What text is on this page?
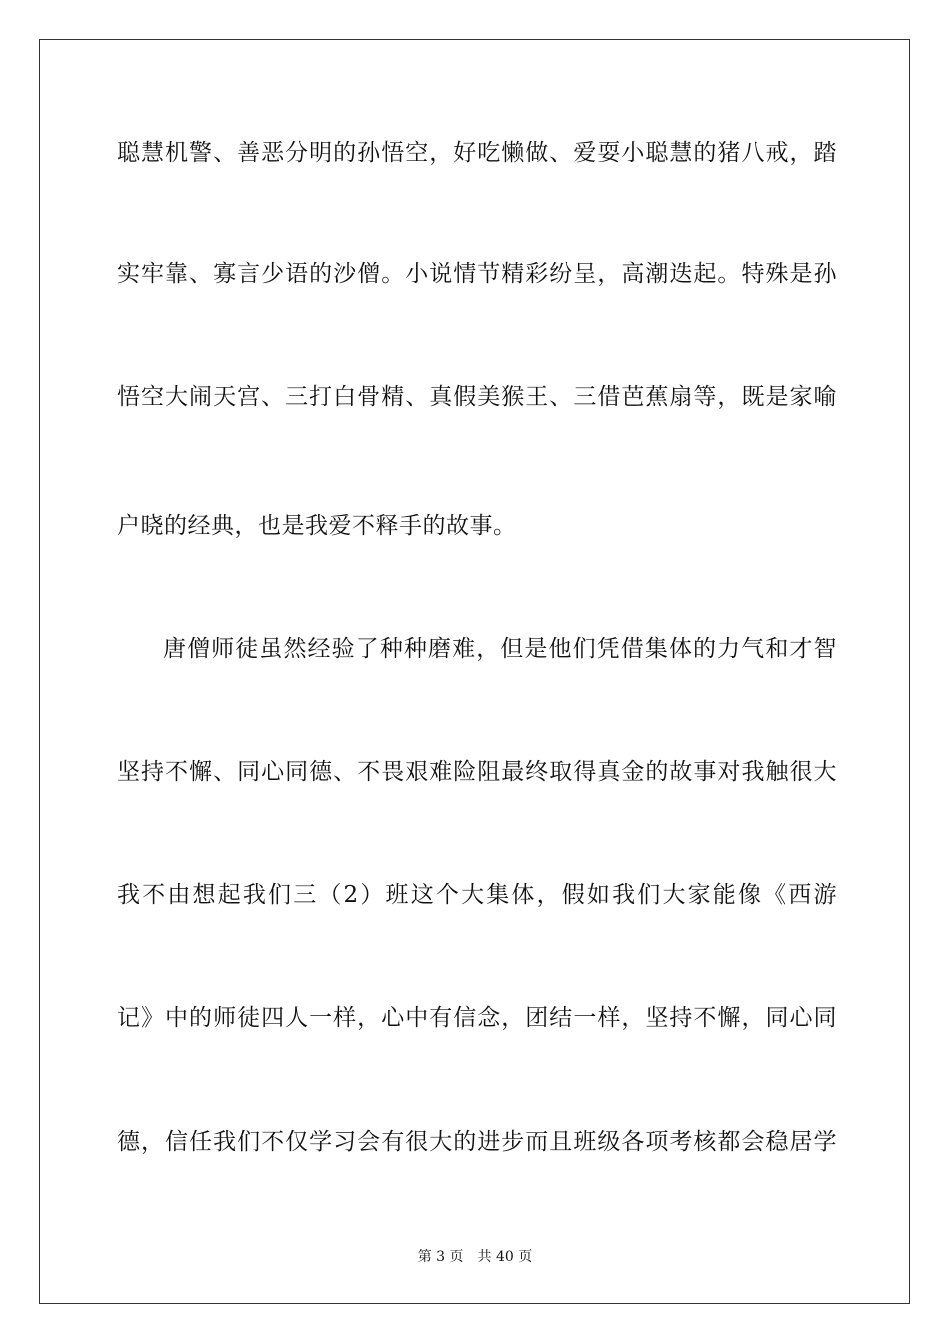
聪慧机警、善恶分明的孙悟空，好吃懒做、爱耍小聪慧的猪八戒，踏
实牢靠、寡言少语的沙僧。小说情节精彩纷呈，高潮迭起。特殊是孙
悟空大闹天宫、三打白骨精、真假美猴王、三借芭蕉扇等，既是家喻
户晓的经典，也是我爱不释手的故事。
唐僧师徒虽然经验了种种磨难，但是他们凭借集体的力气和才智
坚持不懈、同心同德、不畏艰难险阻最终取得真金的故事对我触很大
我不由想起我们三（2）班这个大集体，假如我们大家能像《西游
记》中的师徒四人一样，心中有信念，团结一样，坚持不懈，同心同
德，信任我们不仅学习会有很大的进步而且班级各项考核都会稳居学
第 3 页 共 40 页
